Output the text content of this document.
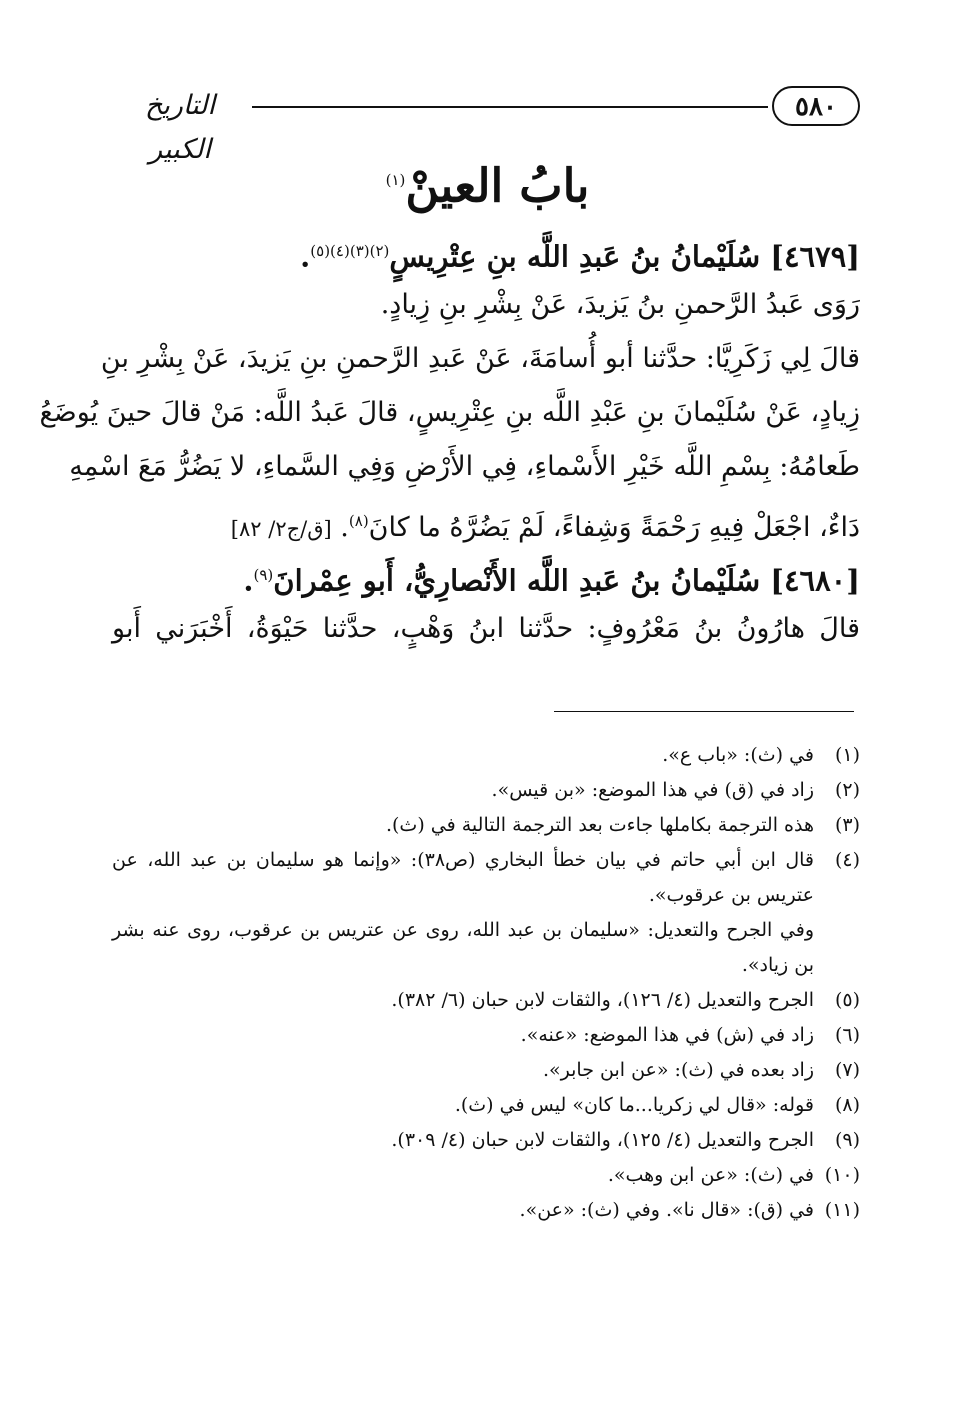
٥٨٠
التاريخ الكبير
بابُ العينْ$^{(١)}$
[٤٦٧٩] سُلَيْمانُ بنُ عَبدِ اللَّه بنِ عِتْرِيسٍ$^{(٢)(٣)(٤)(٥)}$.
رَوَى عَبدُ الرَّحمنِ بنُ يَزيدَ، عَنْ بِشْرِ بنِ زِيادٍ.
قالَ لِي زَكَرِيَّا: حدَّثنا أبو أُسامَةَ، عَنْ عَبدِ الرَّحمنِ بنِ يَزيدَ، عَنْ بِشْرِ بنِ
زِيادٍ، عَنْ سُلَيْمانَ بنِ عَبْدِ اللَّه بنِ عِتْرِيسٍ، قالَ عَبدُ اللَّه: مَنْ قالَ حينَ يُوضَعُ
طَعامُهُ: بِسْمِ اللَّه خَيْرِ الأَسْماءِ، فِي الأَرْضِ وَفِي السَّماءِ، لا يَضُرُّ مَعَ اسْمِهِ
دَاءٌ، اجْعَلْ فِيهِ رَحْمَةً وَشِفاءً، لَمْ يَضُرَّهُ ما كانَ$^{(٨)}$. [ق/ج٢/ ٨٢]
[٤٦٨٠] سُلَيْمانُ بنُ عَبدِ اللَّه الأَنْصارِيُّ، أَبو عِمْرانَ$^{(٩)}$.
قالَ هارُونُ بنُ مَعْرُوفٍ: حدَّثنا ابنُ وَهْبٍ، حدَّثنا حَيْوَةُ، أَخْبَرَني أَبو
(١)
في (ث): «باب ع».
(٢)
زاد في (ق) في هذا الموضع: «بن قيس».
(٣)
هذه الترجمة بكاملها جاءت بعد الترجمة التالية في (ث).
(٤)

قال ابن أبي حاتم في بيان خطأ البخاري (ص٣٨): «وإنما هو سليمان بن عبد الله، عن عتريس بن عرقوب».

وفي الجرح والتعديل: «سليمان بن عبد الله، روى عن عتريس بن عرقوب، روى عنه بشر بن زياد».

(٥)
الجرح والتعديل (٤/ ١٢٦)، والثقات لابن حبان (٦/ ٣٨٢).
(٦)
زاد في (ش) في هذا الموضع: «عنه».
(٧)
زاد بعده في (ث): «عن ابن جابر».
(٨)
قوله: «قال لي زكريا...ما كان» ليس في (ث).
(٩)
الجرح والتعديل (٤/ ١٢٥)، والثقات لابن حبان (٤/ ٣٠٩).
(١٠)
في (ث): «عن ابن وهب».
(١١)
في (ق): «قال نا». وفي (ث): «عن».
